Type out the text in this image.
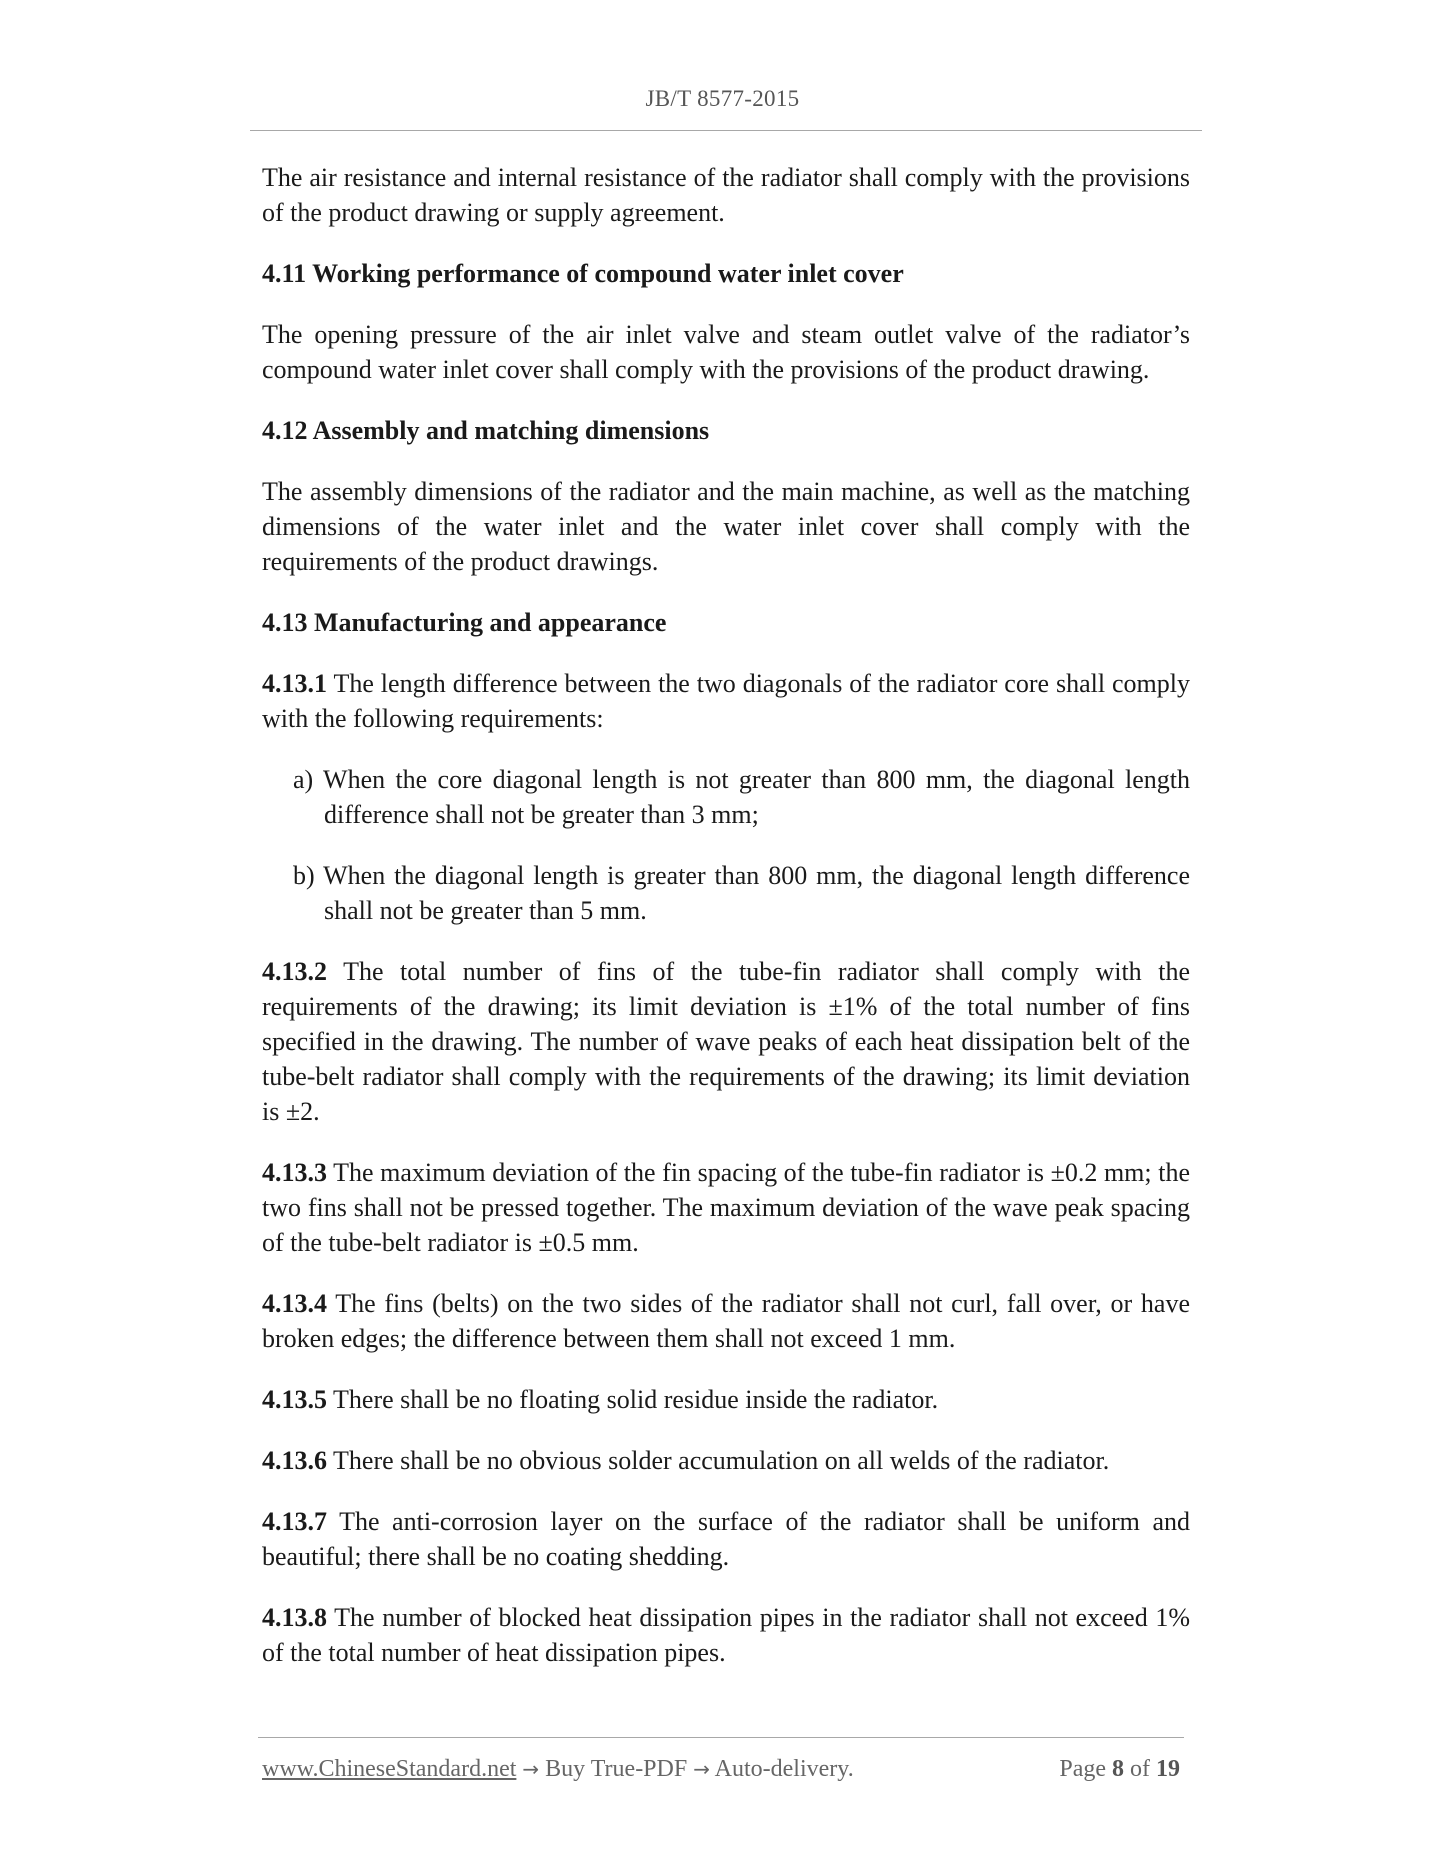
JB/T 8577-2015

The air resistance and internal resistance of the radiator shall comply with the provisions of the product drawing or supply agreement.

4.11 Working performance of compound water inlet cover

The opening pressure of the air inlet valve and steam outlet valve of the radiator’s compound water inlet cover shall comply with the provisions of the product drawing.

4.12 Assembly and matching dimensions

The assembly dimensions of the radiator and the main machine, as well as the matching dimensions of the water inlet and the water inlet cover shall comply with the requirements of the product drawings.

4.13 Manufacturing and appearance

4.13.1 The length difference between the two diagonals of the radiator core shall comply with the following requirements:

a) When the core diagonal length is not greater than 800 mm, the diagonal length difference shall not be greater than 3 mm;

b) When the diagonal length is greater than 800 mm, the diagonal length difference shall not be greater than 5 mm.

4.13.2 The total number of fins of the tube-fin radiator shall comply with the requirements of the drawing; its limit deviation is ±1% of the total number of fins specified in the drawing. The number of wave peaks of each heat dissipation belt of the tube-belt radiator shall comply with the requirements of the drawing; its limit deviation is ±2.

4.13.3 The maximum deviation of the fin spacing of the tube-fin radiator is ±0.2 mm; the two fins shall not be pressed together. The maximum deviation of the wave peak spacing of the tube-belt radiator is ±0.5 mm.

4.13.4 The fins (belts) on the two sides of the radiator shall not curl, fall over, or have broken edges; the difference between them shall not exceed 1 mm.

4.13.5 There shall be no floating solid residue inside the radiator.

4.13.6 There shall be no obvious solder accumulation on all welds of the radiator.

4.13.7 The anti-corrosion layer on the surface of the radiator shall be uniform and beautiful; there shall be no coating shedding.

4.13.8 The number of blocked heat dissipation pipes in the radiator shall not exceed 1% of the total number of heat dissipation pipes.

www.ChineseStandard.net → Buy True-PDF → Auto-delivery.	Page 8 of 19
